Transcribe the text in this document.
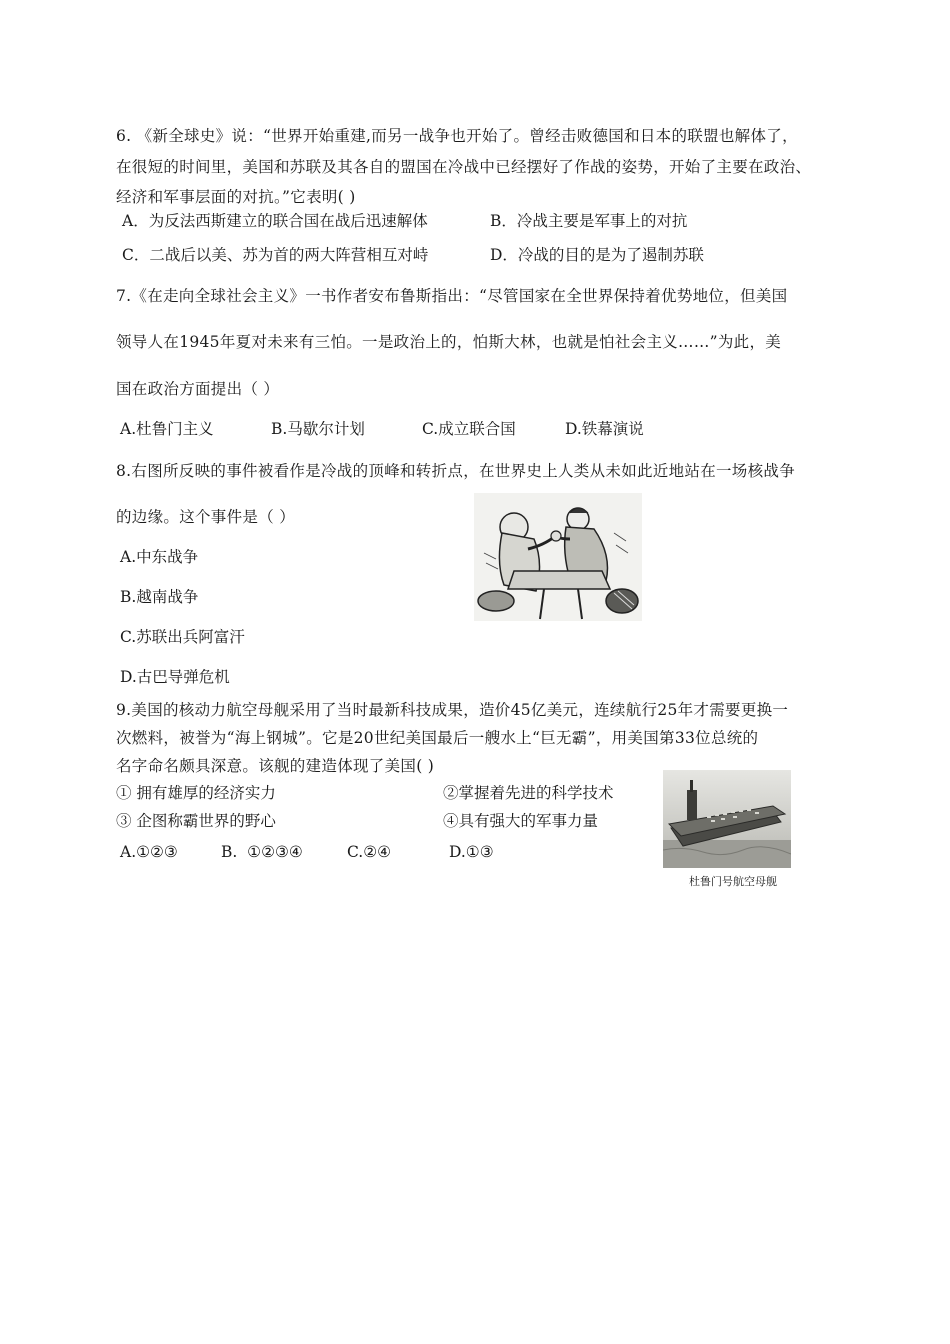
6. 《新全球史》说：“世界开始重建,而另一战争也开始了。曾经击败德国和日本的联盟也解体了，
在很短的时间里，美国和苏联及其各自的盟国在冷战中已经摆好了作战的姿势，开始了主要在政治、
经济和军事层面的对抗。”它表明( )
A．为反法西斯建立的联合国在战后迅速解体	B．冷战主要是军事上的对抗
C．二战后以美、苏为首的两大阵营相互对峙	D．冷战的目的是为了遏制苏联
7.《在走向全球社会主义》一书作者安布鲁斯指出：“尽管国家在全世界保持着优势地位，但美国
领导人在1945年夏对未来有三怕。一是政治上的，怕斯大林，也就是怕社会主义……”为此，美
国在政治方面提出（ ）
A.杜鲁门主义	B.马歇尔计划	C.成立联合国	D.铁幕演说
8.右图所反映的事件被看作是冷战的顶峰和转折点，在世界史上人类从未如此近地站在一场核战争
的边缘。这个事件是（ ）
A.中东战争
B.越南战争
C.苏联出兵阿富汗
D.古巴导弹危机
9.美国的核动力航空母舰采用了当时最新科技成果，造价45亿美元，连续航行25年才需要更换一
次燃料，被誉为“海上钢城”。它是20世纪美国最后一艘水上“巨无霸”，用美国第33位总统的
名字命名颇具深意。该舰的建造体现了美国( )
① 拥有雄厚的经济实力	②掌握着先进的科学技术
③ 企图称霸世界的野心	④具有强大的军事力量
A.①②③	B.  ①②③④	C.②④	D.①③
杜鲁门号航空母舰
